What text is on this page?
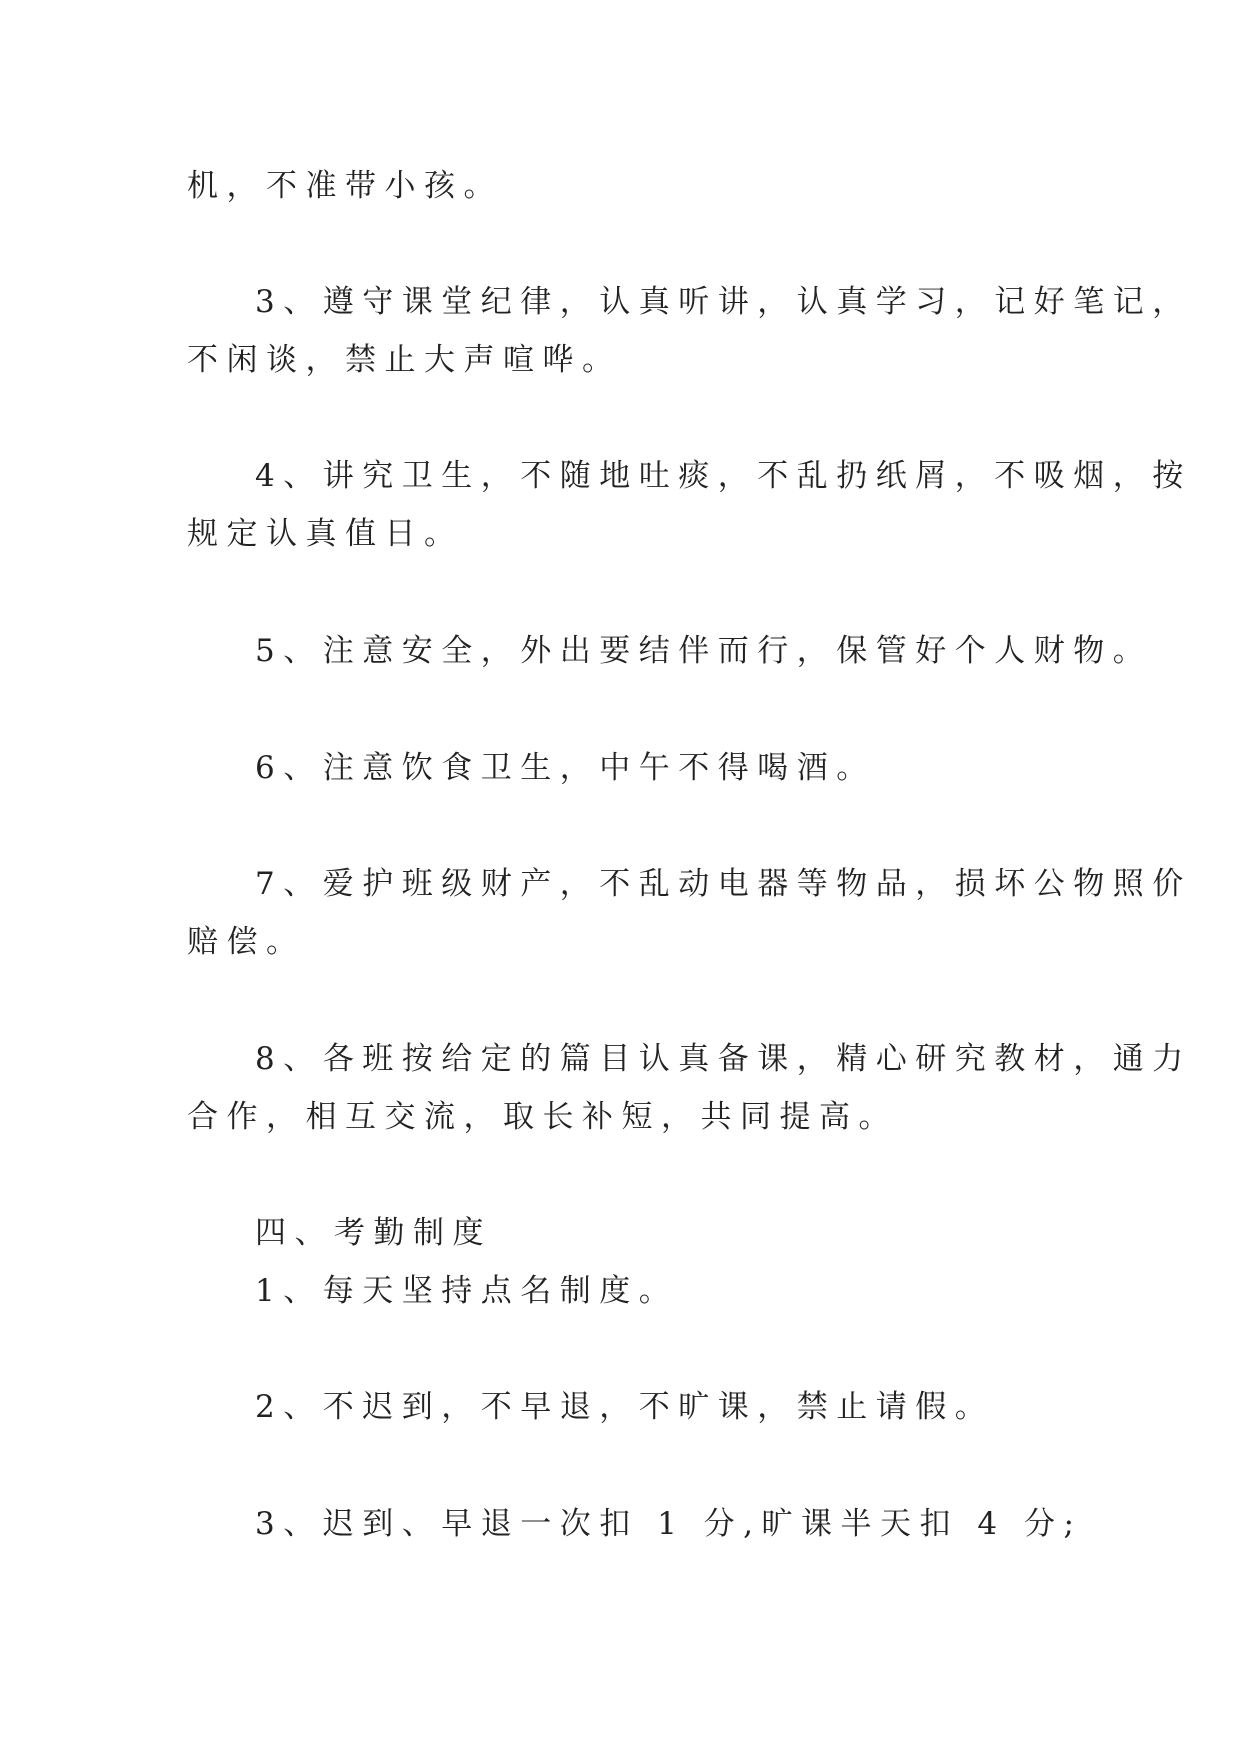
机，不准带小孩。
3、遵守课堂纪律，认真听讲，认真学习，记好笔记，
不闲谈，禁止大声喧哗。
4、讲究卫生，不随地吐痰，不乱扔纸屑，不吸烟，按
规定认真值日。
5、注意安全，外出要结伴而行，保管好个人财物。
6、注意饮食卫生，中午不得喝酒。
7、爱护班级财产，不乱动电器等物品，损坏公物照价
赔偿。
8、各班按给定的篇目认真备课，精心研究教材，通力
合作，相互交流，取长补短，共同提高。
四、考勤制度
1、每天坚持点名制度。
2、不迟到，不早退，不旷课，禁止请假。
3、迟到、早退一次扣 1 分,旷课半天扣 4 分;
